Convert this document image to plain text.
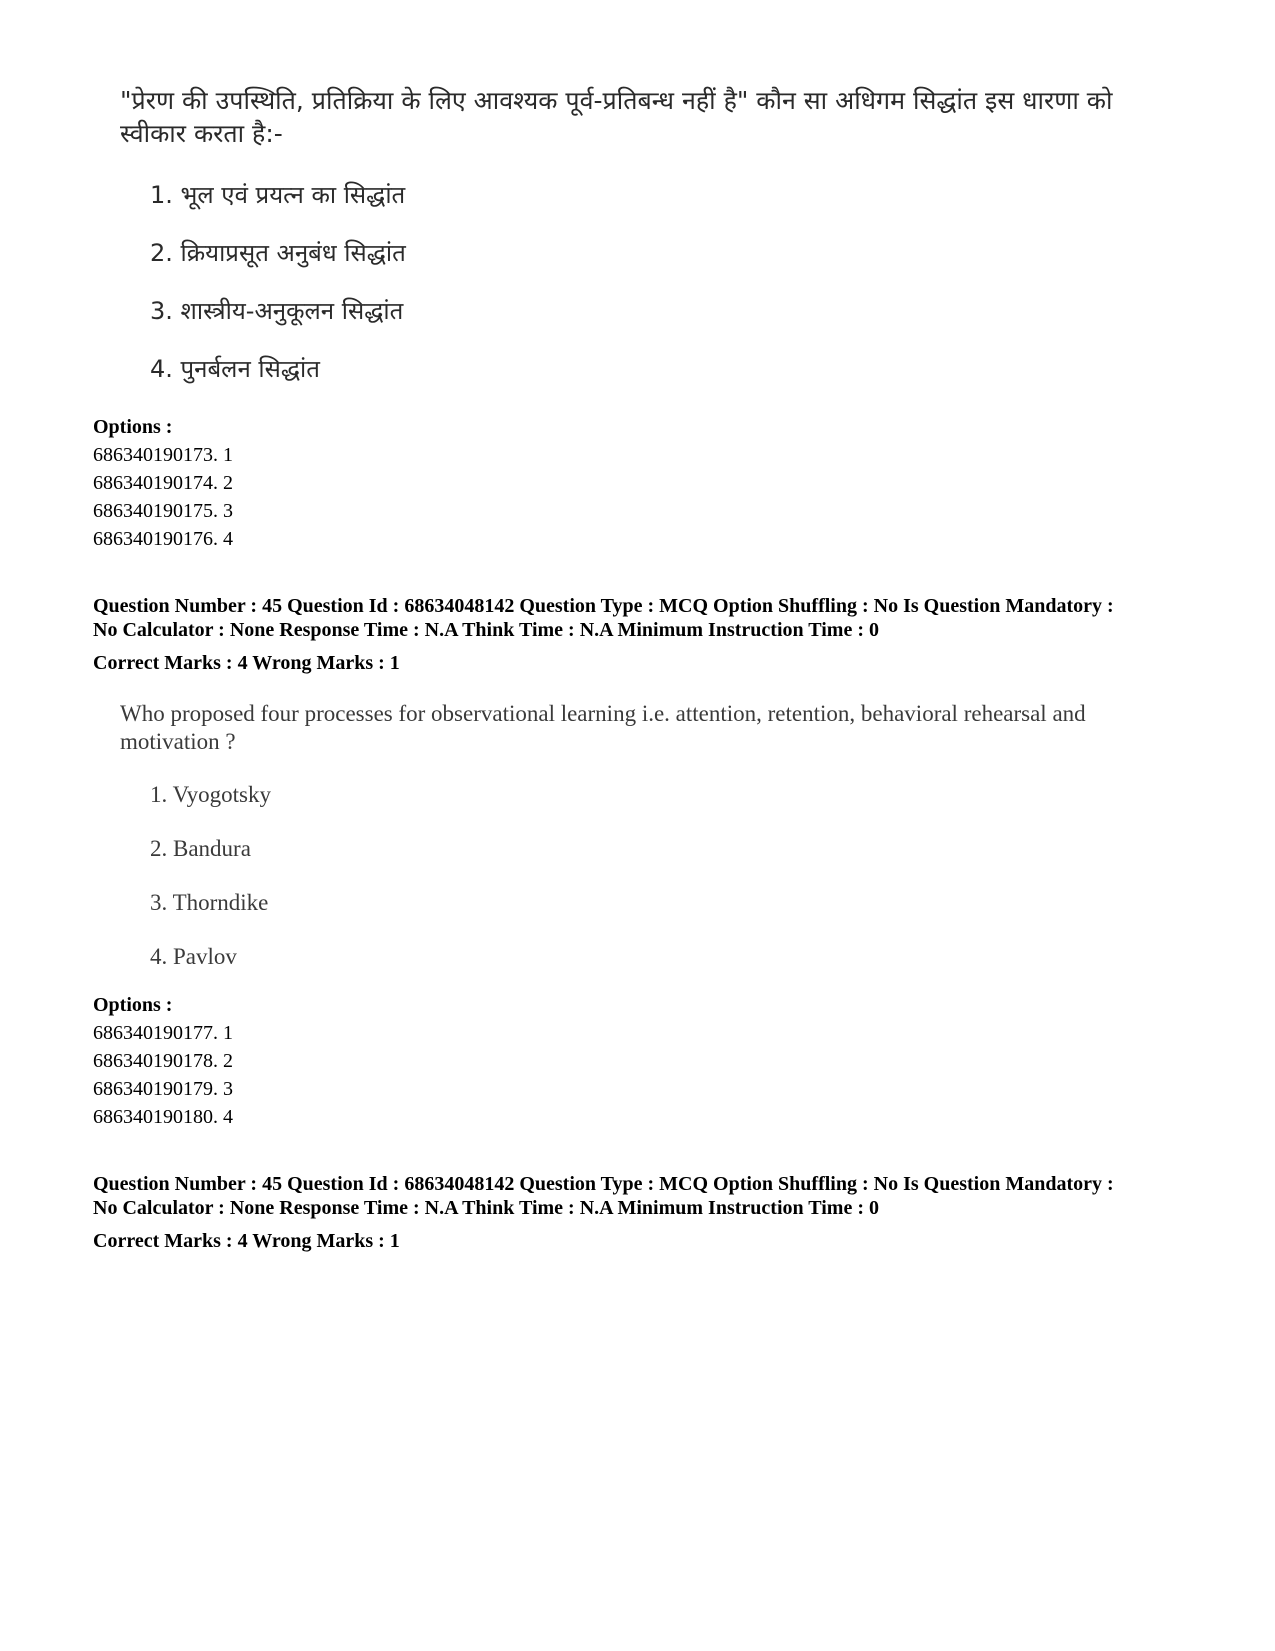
"प्रेरण की उपस्थिति, प्रतिक्रिया के लिए आवश्यक पूर्व-प्रतिबन्ध नहीं है" कौन सा अधिगम सिद्धांत इस धारणा को स्वीकार करता है:-
1. भूल एवं प्रयत्न का सिद्धांत
2. क्रियाप्रसूत अनुबंध सिद्धांत
3. शास्त्रीय-अनुकूलन सिद्धांत
4. पुनर्बलन सिद्धांत
Options :
686340190173. 1
686340190174. 2
686340190175. 3
686340190176. 4
Question Number : 45 Question Id : 68634048142 Question Type : MCQ Option Shuffling : No Is Question Mandatory :
No Calculator : None Response Time : N.A Think Time : N.A Minimum Instruction Time : 0
Correct Marks : 4 Wrong Marks : 1
Who proposed four processes for observational learning i.e. attention, retention, behavioral rehearsal and motivation ?
1. Vyogotsky
2. Bandura
3. Thorndike
4. Pavlov
Options :
686340190177. 1
686340190178. 2
686340190179. 3
686340190180. 4
Question Number : 45 Question Id : 68634048142 Question Type : MCQ Option Shuffling : No Is Question Mandatory :
No Calculator : None Response Time : N.A Think Time : N.A Minimum Instruction Time : 0
Correct Marks : 4 Wrong Marks : 1
